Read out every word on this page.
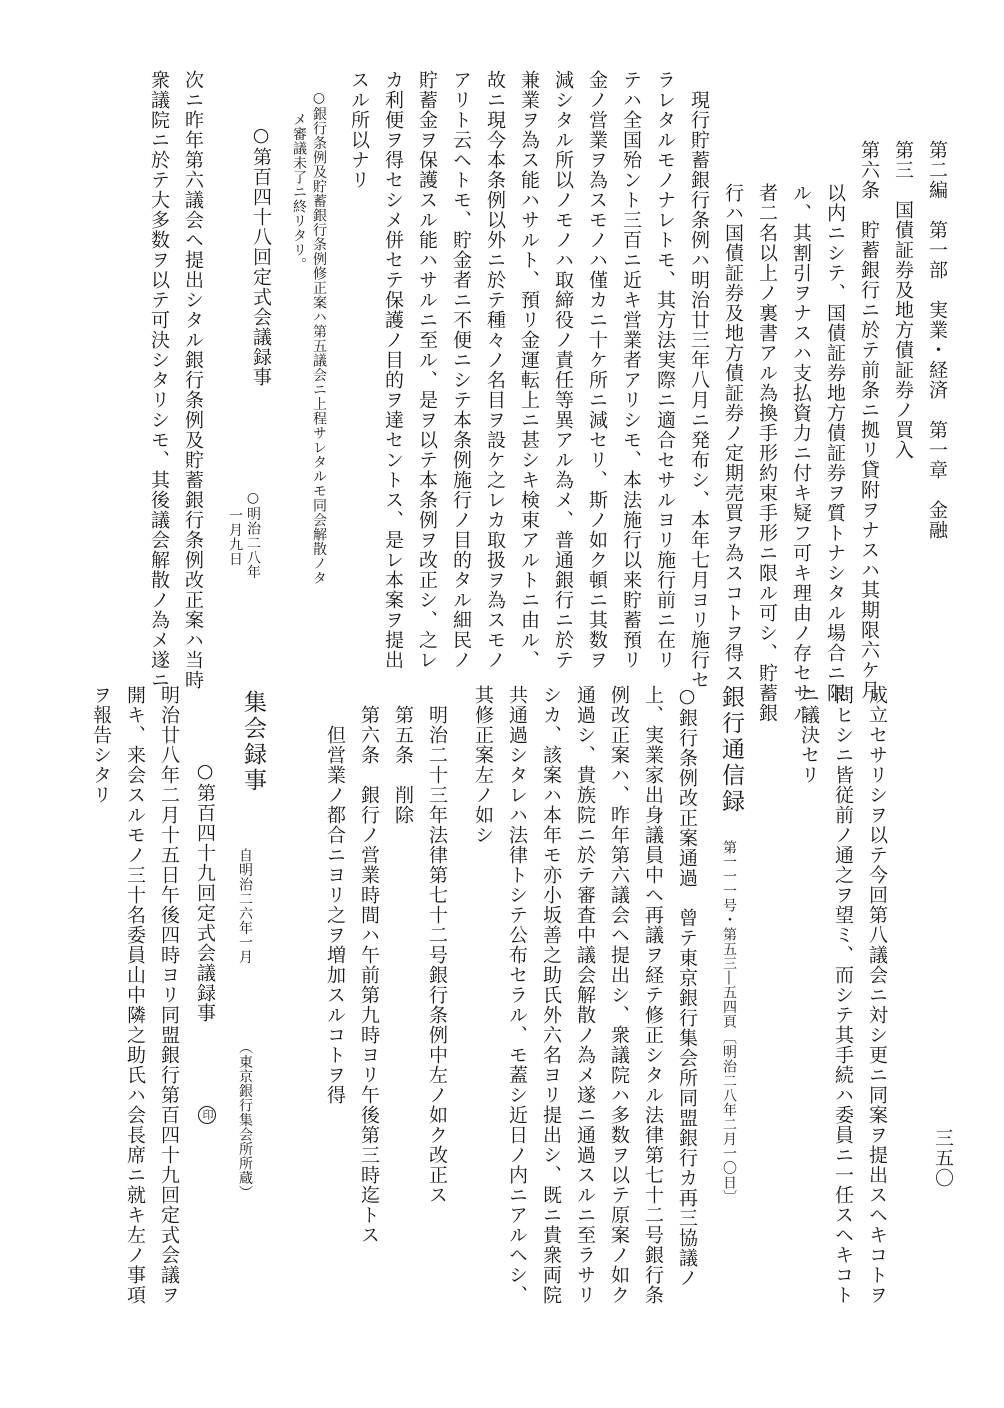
第二編　第一部　実業・経済　第一章　金融
第三　国債証券及地方債証券ノ買入
第六条　貯蓄銀行ニ於テ前条ニ拠リ貸附ヲナスハ其期限六ケ月
以内ニシテ、国債証券地方債証券ヲ質トナシタル場合ニ限
ル、其割引ヲナスハ支払資力ニ付キ疑フ可キ理由ノ存セサル
者二名以上ノ裏書アル為換手形約束手形ニ限ル可シ、貯蓄銀
行ハ国債証券及地方債証券ノ定期売買ヲ為スコトヲ得ス
現行貯蓄銀行条例ハ明治廿三年八月ニ発布シ、本年七月ヨリ施行セ
ラレタルモノナレトモ、其方法実際ニ適合セサルヨリ施行前ニ在リ
テハ全国殆ント三百ニ近キ営業者アリシモ、本法施行以来貯蓄預リ
金ノ営業ヲ為スモノハ僅カニ十ケ所ニ減セリ、斯ノ如ク頓ニ其数ヲ
減シタル所以ノモノハ取締役ノ責任等異アル為メ、普通銀行ニ於テ
兼業ヲ為ス能ハサルト、預リ金運転上ニ甚シキ検束アルトニ由ル、
故ニ現今本条例以外ニ於テ種々ノ名目ヲ設ケ之レカ取扱ヲ為スモノ
アリト云ヘトモ、貯金者ニ不便ニシテ本条例施行ノ目的タル細民ノ
貯蓄金ヲ保護スル能ハサルニ至ル、是ヲ以テ本条例ヲ改正シ、之レ
カ利便ヲ得セシメ併セテ保護ノ目的ヲ達セントス、是レ本案ヲ提出
スル所以ナリ
○銀行条例及貯蓄銀行条例修正案ハ第五議会ニ上程サレタルモ同会解散ノタ
メ審議未了ニ終リタリ。
○第百四十八回定式会議録事
○明治二八年
一月九日
次ニ昨年第六議会ヘ提出シタル銀行条例及貯蓄銀行条例改正案ハ当時
衆議院ニ於テ大多数ヲ以テ可決シタリシモ、其後議会解散ノ為メ遂ニ
三五〇
成立セサリシヲ以テ今回第八議会ニ対シ更ニ同案ヲ提出スヘキコトヲ
問ヒシニ皆従前ノ通之ヲ望ミ、而シテ其手続ハ委員ニ一任スヘキコト
ニ議決セリ
銀行通信録
第一一一号・第五三―五四頁
〔明治二八年二月一〇日〕
○銀行条例改正案通過　曾テ東京銀行集会所同盟銀行カ再三協議ノ
上、実業家出身議員中ヘ再議ヲ経テ修正シタル法律第七十二号銀行条
例改正案ハ、昨年第六議会ヘ提出シ、衆議院ハ多数ヲ以テ原案ノ如ク
通過シ、貴族院ニ於テ審査中議会解散ノ為メ遂ニ通過スルニ至ラサリ
シカ、該案ハ本年モ亦小坂善之助氏外六名ヨリ提出シ、既ニ貴衆両院
共通過シタレハ法律トシテ公布セラル、モ蓋シ近日ノ内ニアルヘシ、
其修正案左ノ如シ
明治二十三年法律第七十二号銀行条例中左ノ如ク改正ス
第五条　削除
第六条　銀行ノ営業時間ハ午前第九時ヨリ午後第三時迄トス
但営業ノ都合ニヨリ之ヲ増加スルコトヲ得
集会録事
自明治二六年一月
（東京銀行集会所所蔵）
○第百四十九回定式会議録事
印
明治廿八年二月十五日午後四時ヨリ同盟銀行第百四十九回定式会議ヲ
開キ、来会スルモノ三十名委員山中隣之助氏ハ会長席ニ就キ左ノ事項
ヲ報告シタリ
